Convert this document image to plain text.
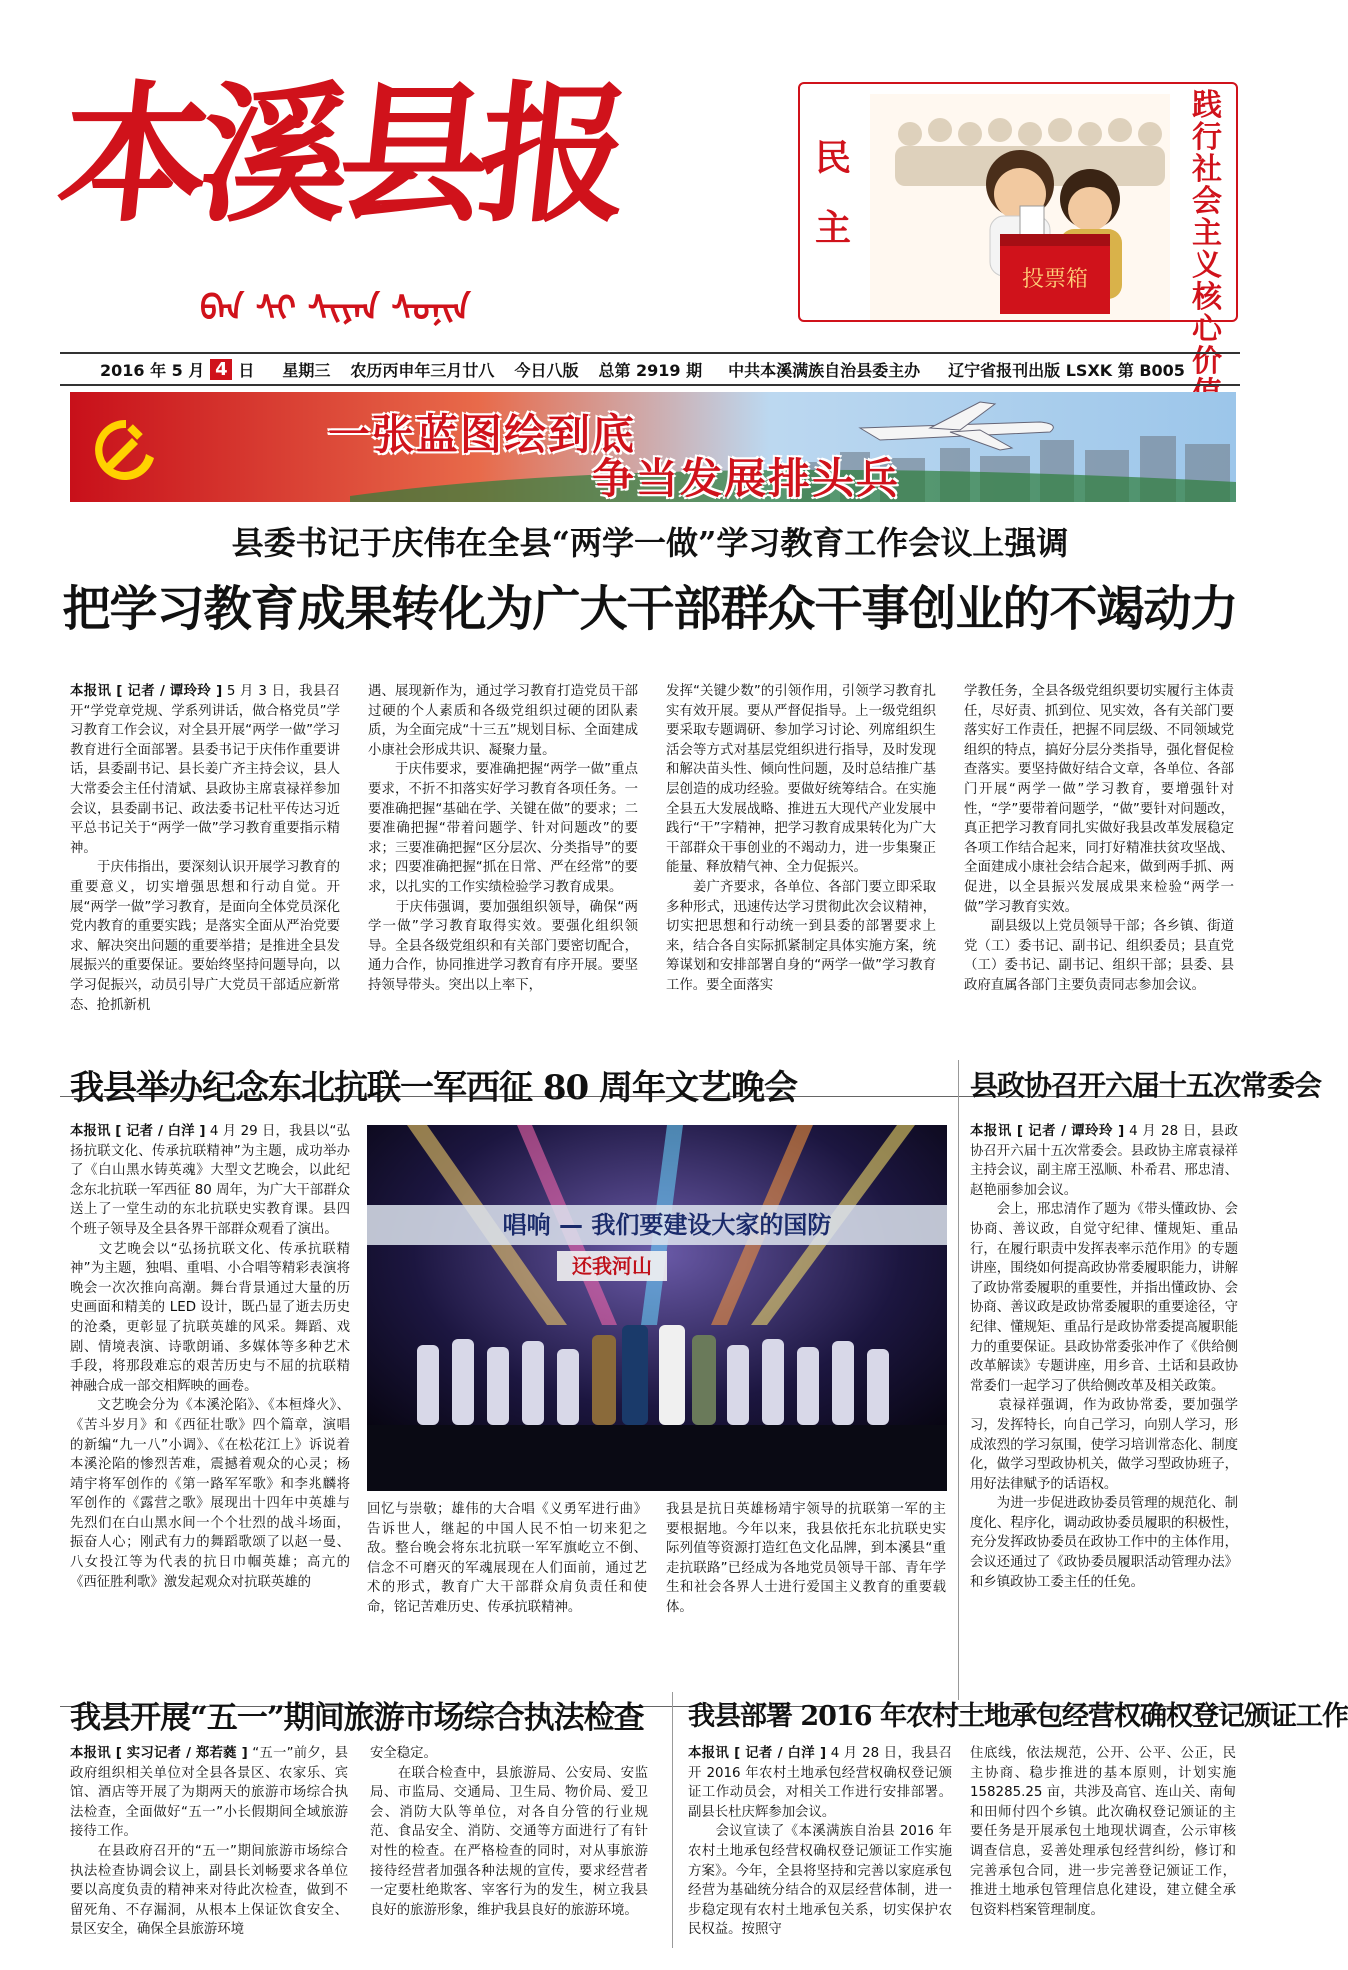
本溪县报
ᠪᠡᠨ ᠰᠢ ᠰᠢᠶᠠᠨ ᠰᠤᠨᠢᠨ
民主
投票箱
践行社会主义核心价
2016 年 5 月 4 日 星期三 农历丙申年三月廿八 今日八版 总第 2919 期 中共本溪满族自治县委主办 辽宁省报刊出版 LSXK 第 B005
一张蓝图绘到底
争当发展排头兵
县委书记于庆伟在全县“两学一做”学习教育工作会议上强调
把学习教育成果转化为广大干部群众干事创业的不竭动力
本报讯 [ 记者 / 谭玲玲 ] 5 月 3 日，我县召开“学党章党规、学系列讲话，做合格党员”学习教育工作会议，对全县开展“两学一做”学习教育进行全面部署。县委书记于庆伟作重要讲话，县委副书记、县长姜广齐主持会议，县人大常委会主任付清斌、县政协主席袁禄祥参加会议，县委副书记、政法委书记杜平传达习近平总书记关于“两学一做”学习教育重要指示精神。
　　于庆伟指出，要深刻认识开展学习教育的重要意义，切实增强思想和行动自觉。开展“两学一做”学习教育，是面向全体党员深化党内教育的重要实践；是落实全面从严治党要求、解决突出问题的重要举措；是推进全县发展振兴的重要保证。要始终坚持问题导向，以学习促振兴，动员引导广大党员干部适应新常态、抢抓新机
遇、展现新作为，通过学习教育打造党员干部过硬的个人素质和各级党组织过硬的团队素质，为全面完成“十三五”规划目标、全面建成小康社会形成共识、凝聚力量。
　　于庆伟要求，要准确把握“两学一做”重点要求，不折不扣落实好学习教育各项任务。一要准确把握“基础在学、关键在做”的要求；二要准确把握“带着问题学、针对问题改”的要求；三要准确把握“区分层次、分类指导”的要求；四要准确把握“抓在日常、严在经常”的要求，以扎实的工作实绩检验学习教育成果。
　　于庆伟强调，要加强组织领导，确保“两学一做”学习教育取得实效。要强化组织领导。全县各级党组织和有关部门要密切配合，通力合作，协同推进学习教育有序开展。要坚持领导带头。突出以上率下，
发挥“关键少数”的引领作用，引领学习教育扎实有效开展。要从严督促指导。上一级党组织要采取专题调研、参加学习讨论、列席组织生活会等方式对基层党组织进行指导，及时发现和解决苗头性、倾向性问题，及时总结推广基层创造的成功经验。要做好统筹结合。在实施全县五大发展战略、推进五大现代产业发展中践行“干”字精神，把学习教育成果转化为广大干部群众干事创业的不竭动力，进一步集聚正能量、释放精气神、全力促振兴。
　　姜广齐要求，各单位、各部门要立即采取多种形式，迅速传达学习贯彻此次会议精神，切实把思想和行动统一到县委的部署要求上来，结合各自实际抓紧制定具体实施方案，统筹谋划和安排部署自身的“两学一做”学习教育工作。要全面落实
学教任务，全县各级党组织要切实履行主体责任，尽好责、抓到位、见实效，各有关部门要落实好工作责任，把握不同层级、不同领域党组织的特点，搞好分层分类指导，强化督促检查落实。要坚持做好结合文章，各单位、各部门开展“两学一做”学习教育，要增强针对性，“学”要带着问题学，“做”要针对问题改，真正把学习教育同扎实做好我县改革发展稳定各项工作结合起来，同打好精准扶贫攻坚战、全面建成小康社会结合起来，做到两手抓、两促进，以全县振兴发展成果来检验“两学一做”学习教育实效。
　　副县级以上党员领导干部；各乡镇、街道党（工）委书记、副书记、组织委员；县直党（工）委书记、副书记、组织干部；县委、县政府直属各部门主要负责同志参加会议。
我县举办纪念东北抗联一军西征 80 周年文艺晚会
本报讯 [ 记者 / 白洋 ] 4 月 29 日，我县以“弘扬抗联文化、传承抗联精神”为主题，成功举办了《白山黑水铸英魂》大型文艺晚会，以此纪念东北抗联一军西征 80 周年，为广大干部群众送上了一堂生动的东北抗联史实教育课。县四个班子领导及全县各界干部群众观看了演出。
　　文艺晚会以“弘扬抗联文化、传承抗联精神”为主题，独唱、重唱、小合唱等精彩表演将晚会一次次推向高潮。舞台背景通过大量的历史画面和精美的 LED 设计，既凸显了逝去历史的沧桑，更彰显了抗联英雄的风采。舞蹈、戏剧、情境表演、诗歌朗诵、多媒体等多种艺术手段，将那段难忘的艰苦历史与不屈的抗联精神融合成一部交相辉映的画卷。
　　文艺晚会分为《本溪沦陷》、《本桓烽火》、《苦斗岁月》和《西征壮歌》四个篇章，演唱的新编“九一八”小调》、《在松花江上》诉说着本溪沦陷的惨烈苦难，震撼着观众的心灵；杨靖宇将军创作的《第一路军军歌》和李兆麟将军创作的《露营之歌》展现出十四年中英雄与先烈们在白山黑水间一个个壮烈的战斗场面，振奋人心；刚武有力的舞蹈歌颂了以赵一曼、八女投江等为代表的抗日巾帼英雄；高亢的《西征胜利歌》激发起观众对抗联英雄的
唱响 — 我们要建设大家的国防
还我河山
回忆与崇敬；雄伟的大合唱《义勇军进行曲》告诉世人，继起的中国人民不怕一切来犯之敌。整台晚会将东北抗联一军军旗屹立不倒、信念不可磨灭的军魂展现在人们面前，通过艺术的形式，教育广大干部群众肩负责任和使命，铭记苦难历史、传承抗联精神。
我县是抗日英雄杨靖宇领导的抗联第一军的主要根据地。今年以来，我县依托东北抗联史实际列值等资源打造红色文化品牌，到本溪县“重走抗联路”已经成为各地党员领导干部、青年学生和社会各界人士进行爱国主义教育的重要载体。
县政协召开六届十五次常委会
本报讯 [ 记者 / 谭玲玲 ] 4 月 28 日，县政协召开六届十五次常委会。县政协主席袁禄祥主持会议，副主席王泓顺、朴希君、邢忠清、赵艳丽参加会议。
　　会上，邢忠清作了题为《带头懂政协、会协商、善议政，自觉守纪律、懂规矩、重品行，在履行职责中发挥表率示范作用》的专题讲座，围绕如何提高政协常委履职能力，讲解了政协常委履职的重要性，并指出懂政协、会协商、善议政是政协常委履职的重要途径，守纪律、懂规矩、重品行是政协常委提高履职能力的重要保证。县政协常委张冲作了《供给侧改革解读》专题讲座，用乡音、土话和县政协常委们一起学习了供给侧改革及相关政策。
　　袁禄祥强调，作为政协常委，要加强学习，发挥特长，向自己学习，向别人学习，形成浓烈的学习氛围，使学习培训常态化、制度化，做学习型政协机关，做学习型政协班子，用好法律赋予的话语权。
　　为进一步促进政协委员管理的规范化、制度化、程序化，调动政协委员履职的积极性，充分发挥政协委员在政协工作中的主体作用，会议还通过了《政协委员履职活动管理办法》和乡镇政协工委主任的任免。
我县开展“五一”期间旅游市场综合执法检查
本报讯 [ 实习记者 / 郑若蕤 ] “五一”前夕，县政府组织相关单位对全县各景区、农家乐、宾馆、酒店等开展了为期两天的旅游市场综合执法检查，全面做好“五一”小长假期间全域旅游接待工作。
　　在县政府召开的“五一”期间旅游市场综合执法检查协调会议上，副县长刘畅要求各单位要以高度负责的精神来对待此次检查，做到不留死角、不存漏洞，从根本上保证饮食安全、景区安全，确保全县旅游环境
安全稳定。
　　在联合检查中，县旅游局、公安局、安监局、市监局、交通局、卫生局、物价局、爱卫会、消防大队等单位，对各自分管的行业规范、食品安全、消防、交通等方面进行了有针对性的检查。在严格检查的同时，对从事旅游接待经营者加强各种法规的宣传，要求经营者一定要杜绝欺客、宰客行为的发生，树立我县良好的旅游形象，维护我县良好的旅游环境。
我县部署 2016 年农村土地承包经营权确权登记颁证工作
本报讯 [ 记者 / 白洋 ] 4 月 28 日，我县召开 2016 年农村土地承包经营权确权登记颁证工作动员会，对相关工作进行安排部署。副县长杜庆辉参加会议。
　　会议宣读了《本溪满族自治县 2016 年农村土地承包经营权确权登记颁证工作实施方案》。今年，全县将坚持和完善以家庭承包经营为基础统分结合的双层经营体制，进一步稳定现有农村土地承包关系，切实保护农民权益。按照守
住底线，依法规范，公开、公平、公正，民主协商、稳步推进的基本原则，计划实施 158285.25 亩，共涉及高官、连山关、南甸和田师付四个乡镇。此次确权登记颁证的主要任务是开展承包土地现状调查，公示审核调查信息，妥善处理承包经营纠纷，修订和完善承包合同，进一步完善登记颁证工作，推进土地承包管理信息化建设，建立健全承包资料档案管理制度。
